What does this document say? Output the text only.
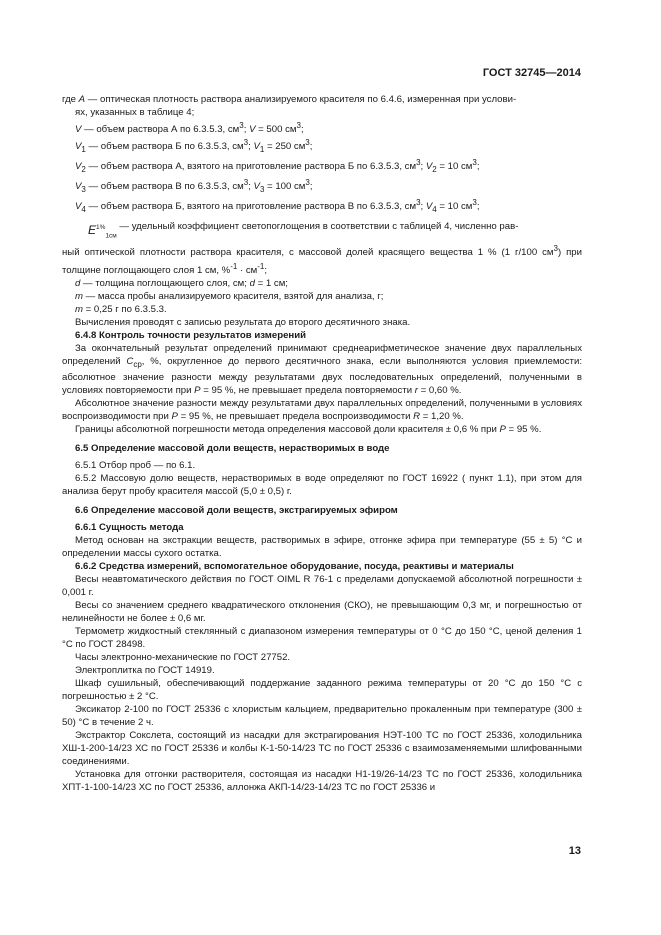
ГОСТ 32745—2014

где А — оптическая плотность раствора анализируемого красителя по 6.4.6, измеренная при услови-

ях, указанных в таблице 4;

V — объем раствора А по 6.3.5.3, $см^3$; V = 500 $см^3$;

$V_1$ — объем раствора Б по 6.3.5.3, $см^3$; $V_1 = 250$ $см^3$;

$V_2$ — объем раствора А, взятого на приготовление раствора Б по 6.3.5.3, $см^3$; $V_2 = 10$ $см^3$;

$V_3$ — объем раствора В по 6.3.5.3, $см^3$; $V_3 = 100$ $см^3$;

$V_4$ — объем раствора Б, взятого на приготовление раствора В по 6.3.5.3, $см^3$; $V_4 = 10$ $см^3$;

$E^{1\%}_{1см}$ — удельный коэффициент светопоглощения в соответствии с таблицей 4, численно рав-

ный оптической плотности раствора красителя, с массовой долей красящего вещества 1 % (1 г/100 $см^3$) при толщине поглощающего слоя 1 см, $\%^{-1} \cdot см^{-1}$;

d — толщина поглощающего слоя, см; d = 1 см;

m — масса пробы анализируемого красителя, взятой для анализа, г;

m = 0,25 г по 6.3.5.3.

Вычисления проводят с записью результата до второго десятичного знака.

6.4.8 Контроль точности результатов измерений

За окончательный результат определений принимают среднеарифметическое значение двух параллельных определений $С_{ср}$, %, округленное до первого десятичного знака, если выполняются условия приемлемости: абсолютное значение разности между результатами двух последовательных определений, полученными в условиях повторяемости при Р = 95 %, не превышает предела повторяемости r = 0,60 %.

Абсолютное значение разности между результатами двух параллельных определений, полученными в условиях воспроизводимости при Р = 95 %, не превышает предела воспроизводимости R = 1,20 %.

Границы абсолютной погрешности метода определения массовой доли красителя ± 0,6 % при Р = 95 %.

6.5 Определение массовой доли веществ, нерастворимых в воде

6.5.1 Отбор проб — по 6.1.

6.5.2 Массовую долю веществ, нерастворимых в воде определяют по ГОСТ 16922 ( пункт 1.1), при этом для анализа берут пробу красителя массой (5,0 ± 0,5) г.

6.6 Определение массовой доли веществ, экстрагируемых эфиром

6.6.1 Сущность метода

Метод основан на экстракции веществ, растворимых в эфире, отгонке эфира при температуре (55 ± 5) °С и определении массы сухого остатка.

6.6.2 Средства измерений, вспомогательное оборудование, посуда, реактивы и материалы

Весы неавтоматического действия по ГОСТ OIML R 76-1 с пределами допускаемой абсолютной погрешности ± 0,001 г.

Весы со значением среднего квадратического отклонения (СКО), не превышающим 0,3 мг, и погрешностью от нелинейности не более ± 0,6 мг.

Термометр жидкостный стеклянный с диапазоном измерения температуры от 0 °С до 150 °С, ценой деления 1 °С по ГОСТ 28498.

Часы электронно-механические по ГОСТ 27752.

Электроплитка по ГОСТ 14919.

Шкаф сушильный, обеспечивающий поддержание заданного режима температуры от 20 °С до 150 °С с погрешностью ± 2 °С.

Эксикатор 2-100 по ГОСТ 25336 с хлористым кальцием, предварительно прокаленным при температуре (300 ± 50) °С в течение 2 ч.

Экстрактор Сокслета, состоящий из насадки для экстрагирования НЭТ-100 ТС по ГОСТ 25336, холодильника ХШ-1-200-14/23 ХС по ГОСТ 25336 и колбы К-1-50-14/23 ТС по ГОСТ 25336 с взаимозаменяемыми шлифованными соединениями.

Установка для отгонки растворителя, состоящая из насадки Н1-19/26-14/23 ТС по ГОСТ 25336, холодильника ХПТ-1-100-14/23 ХС по ГОСТ 25336, аллонжа АКП-14/23-14/23 ТС по ГОСТ 25336 и

13
